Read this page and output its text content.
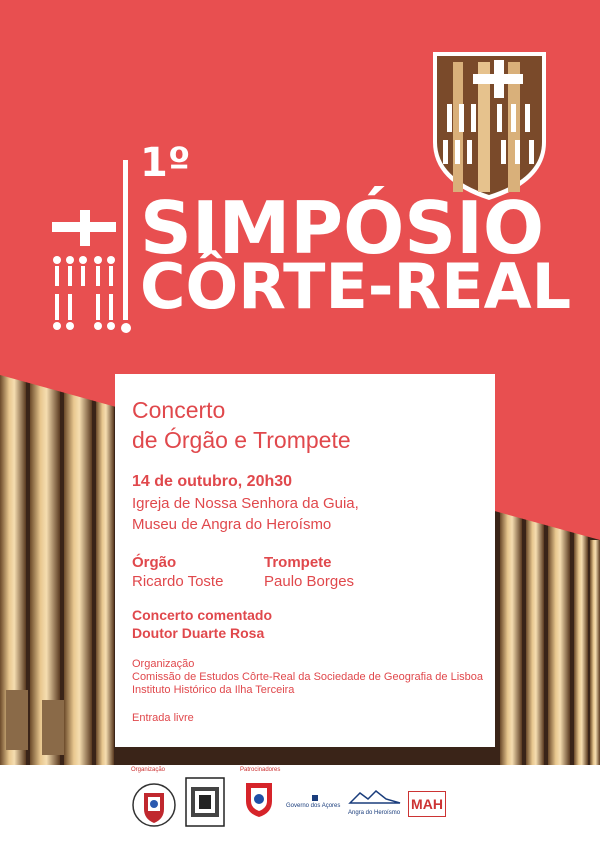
1º
SIMPÓSIO
CÔRTE-REAL
Concerto
de Órgão e Trompete
14 de outubro, 20h30
Igreja de Nossa Senhora da Guia,
Museu de Angra do Heroísmo
Órgão
Ricardo Toste
Trompete
Paulo Borges
Concerto comentado
Doutor Duarte Rosa
Organização
Comissão de Estudos Côrte-Real da Sociedade de Geografia de Lisboa
Instituto Histórico da Ilha Terceira
Entrada livre
Organização	Patrocinadores
Governo dos Açores
Angra do Heroísmo
MAH
